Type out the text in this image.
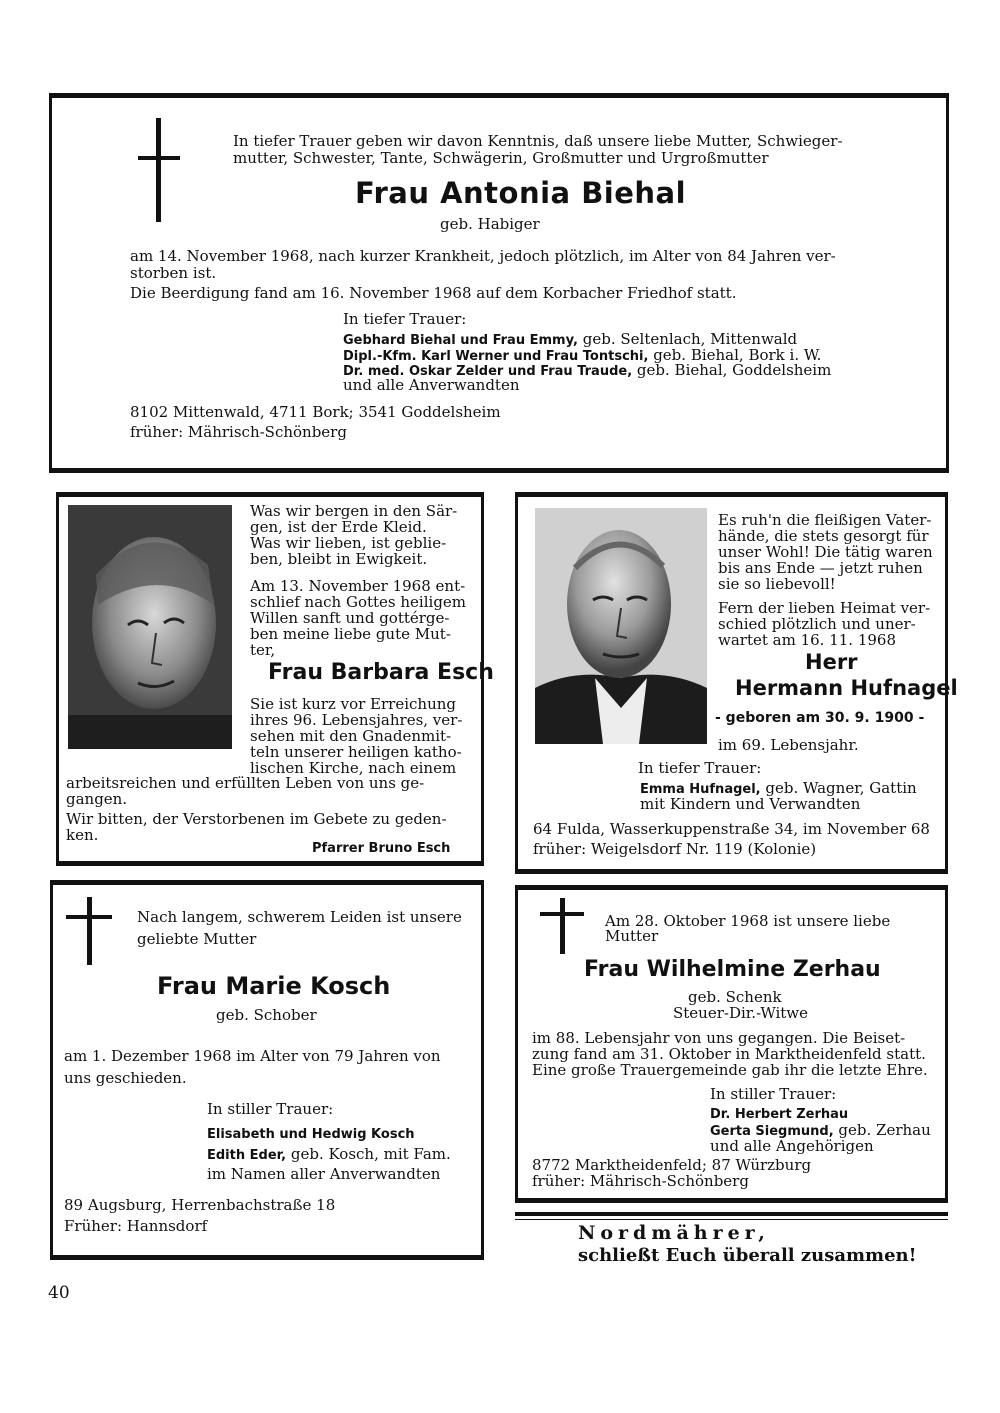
In tiefer Trauer geben wir davon Kenntnis, daß unsere liebe Mutter, Schwieger-
mutter, Schwester, Tante, Schwägerin, Großmutter und Urgroßmutter
Frau Antonia Biehal
geb. Habiger
am 14. November 1968, nach kurzer Krankheit, jedoch plötzlich, im Alter von 84 Jahren ver-
storben ist.
Die Beerdigung fand am 16. November 1968 auf dem Korbacher Friedhof statt.
In tiefer Trauer:
Gebhard Biehal und Frau Emmy, geb. Seltenlach, Mittenwald
Dipl.-Kfm. Karl Werner und Frau Tontschi, geb. Biehal, Bork i. W.
Dr. med. Oskar Zelder und Frau Traude, geb. Biehal, Goddelsheim
und alle Anverwandten
8102 Mittenwald, 4711 Bork; 3541 Goddelsheim
früher: Mährisch-Schönberg
Was wir bergen in den Sär-
gen, ist der Erde Kleid.
Was wir lieben, ist geblie-
ben, bleibt in Ewigkeit.
Am 13. November 1968 ent-
schlief nach Gottes heiligem
Willen sanft und gottérge-
ben meine liebe gute Mut-
ter,
Frau Barbara Esch
Sie ist kurz vor Erreichung
ihres 96. Lebensjahres, ver-
sehen mit den Gnadenmit-
teln unserer heiligen katho-
lischen Kirche, nach einem
arbeitsreichen und erfüllten Leben von uns ge-
gangen.
Wir bitten, der Verstorbenen im Gebete zu geden-
ken.
Pfarrer Bruno Esch
Es ruh'n die fleißigen Vater-
hände, die stets gesorgt für
unser Wohl! Die tätig waren
bis ans Ende — jetzt ruhen
sie so liebevoll!
Fern der lieben Heimat ver-
schied plötzlich und uner-
wartet am 16. 11. 1968
Herr
Hermann Hufnagel
- geboren am 30. 9. 1900 -
im 69. Lebensjahr.
In tiefer Trauer:
Emma Hufnagel, geb. Wagner, Gattin
mit Kindern und Verwandten
64 Fulda, Wasserkuppenstraße 34, im November 68
früher: Weigelsdorf Nr. 119 (Kolonie)
Nach langem, schwerem Leiden ist unsere
geliebte Mutter
Frau Marie Kosch
geb. Schober
am 1. Dezember 1968 im Alter von 79 Jahren von
uns geschieden.
In stiller Trauer:
Elisabeth und Hedwig Kosch
Edith Eder, geb. Kosch, mit Fam.
im Namen aller Anverwandten
89 Augsburg, Herrenbachstraße 18
Früher: Hannsdorf
Am 28. Oktober 1968 ist unsere liebe
Mutter
Frau Wilhelmine Zerhau
geb. Schenk
Steuer-Dir.-Witwe
im 88. Lebensjahr von uns gegangen. Die Beiset-
zung fand am 31. Oktober in Marktheidenfeld statt.
Eine große Trauergemeinde gab ihr die letzte Ehre.
In stiller Trauer:
Dr. Herbert Zerhau
Gerta Siegmund, geb. Zerhau
und alle Angehörigen
8772 Marktheidenfeld; 87 Würzburg
früher: Mährisch-Schönberg
Nordmährer,
schließt Euch überall zusammen!
40
